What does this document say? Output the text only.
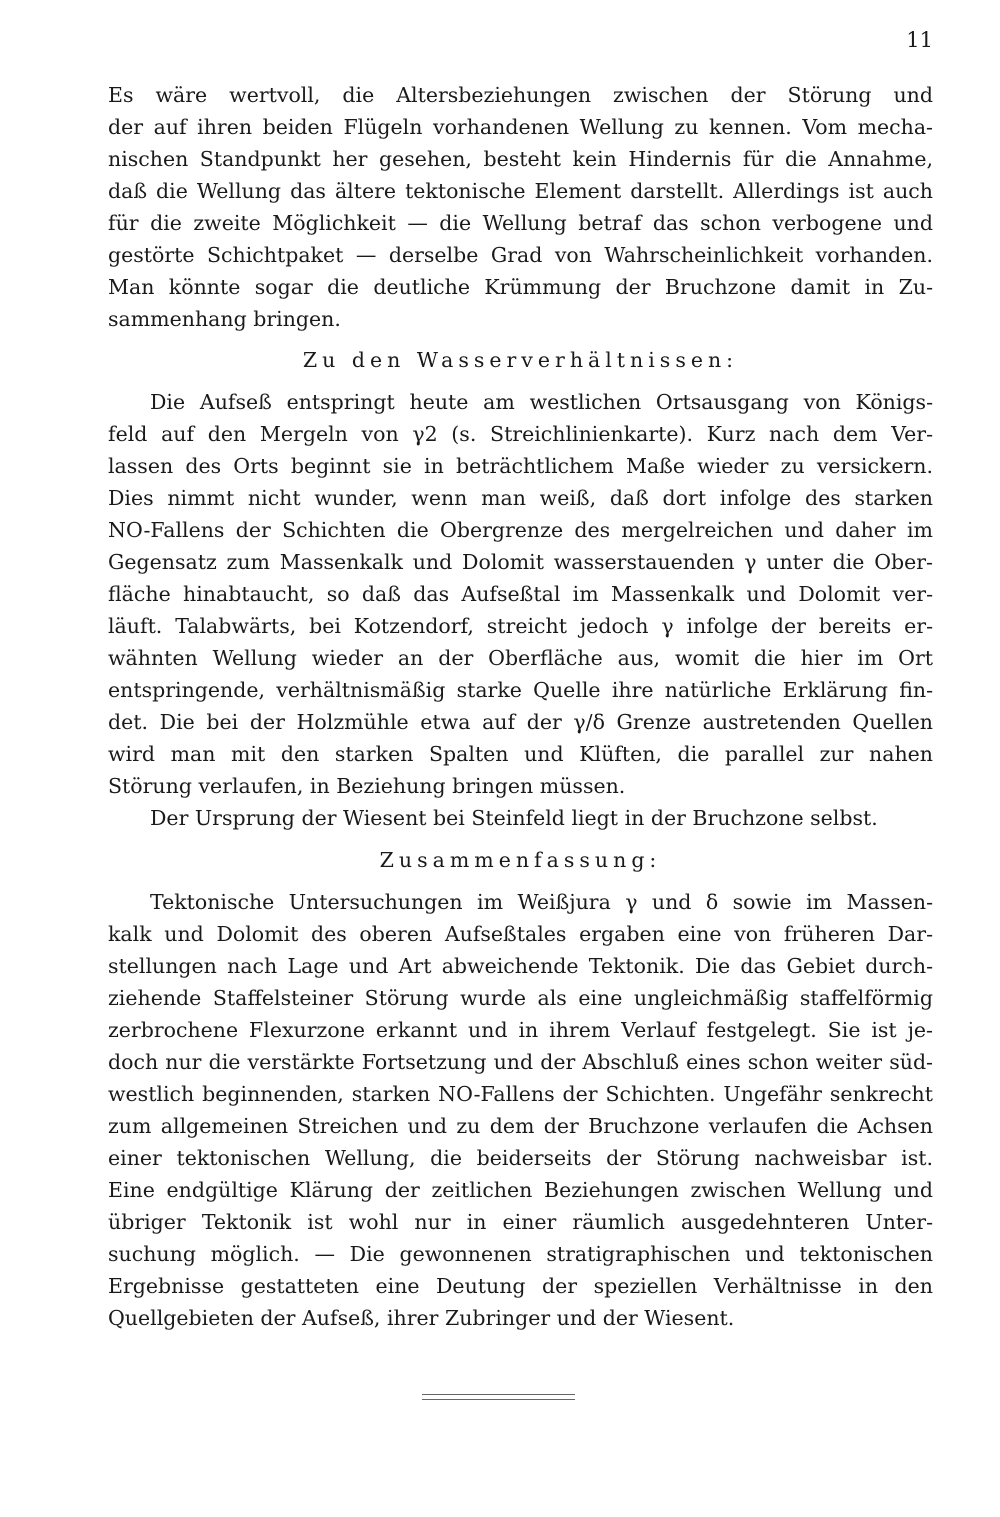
11
Es wäre wertvoll, die Altersbeziehungen zwischen der Störung und
der auf ihren beiden Flügeln vorhandenen Wellung zu kennen. Vom mecha-
nischen Standpunkt her gesehen, besteht kein Hindernis für die Annahme,
daß die Wellung das ältere tektonische Element darstellt. Allerdings ist auch
für die zweite Möglichkeit — die Wellung betraf das schon verbogene und
gestörte Schichtpaket — derselbe Grad von Wahrscheinlichkeit vorhanden.
Man könnte sogar die deutliche Krümmung der Bruchzone damit in Zu-
sammenhang bringen.
Zu den Wasserverhältnissen:
Die Aufseß entspringt heute am westlichen Ortsausgang von Königs-
feld auf den Mergeln von γ2 (s. Streichlinienkarte). Kurz nach dem Ver-
lassen des Orts beginnt sie in beträchtlichem Maße wieder zu versickern.
Dies nimmt nicht wunder, wenn man weiß, daß dort infolge des starken
NO-Fallens der Schichten die Obergrenze des mergelreichen und daher im
Gegensatz zum Massenkalk und Dolomit wasserstauenden γ unter die Ober-
fläche hinabtaucht, so daß das Aufseßtal im Massenkalk und Dolomit ver-
läuft. Talabwärts, bei Kotzendorf, streicht jedoch γ infolge der bereits er-
wähnten Wellung wieder an der Oberfläche aus, womit die hier im Ort
entspringende, verhältnismäßig starke Quelle ihre natürliche Erklärung fin-
det. Die bei der Holzmühle etwa auf der γ/δ Grenze austretenden Quellen
wird man mit den starken Spalten und Klüften, die parallel zur nahen
Störung verlaufen, in Beziehung bringen müssen.
Der Ursprung der Wiesent bei Steinfeld liegt in der Bruchzone selbst.
Zusammenfassung:
Tektonische Untersuchungen im Weißjura γ und δ sowie im Massen-
kalk und Dolomit des oberen Aufseßtales ergaben eine von früheren Dar-
stellungen nach Lage und Art abweichende Tektonik. Die das Gebiet durch-
ziehende Staffelsteiner Störung wurde als eine ungleichmäßig staffelförmig
zerbrochene Flexurzone erkannt und in ihrem Verlauf festgelegt. Sie ist je-
doch nur die verstärkte Fortsetzung und der Abschluß eines schon weiter süd-
westlich beginnenden, starken NO-Fallens der Schichten. Ungefähr senkrecht
zum allgemeinen Streichen und zu dem der Bruchzone verlaufen die Achsen
einer tektonischen Wellung, die beiderseits der Störung nachweisbar ist.
Eine endgültige Klärung der zeitlichen Beziehungen zwischen Wellung und
übriger Tektonik ist wohl nur in einer räumlich ausgedehnteren Unter-
suchung möglich. — Die gewonnenen stratigraphischen und tektonischen
Ergebnisse gestatteten eine Deutung der speziellen Verhältnisse in den
Quellgebieten der Aufseß, ihrer Zubringer und der Wiesent.
